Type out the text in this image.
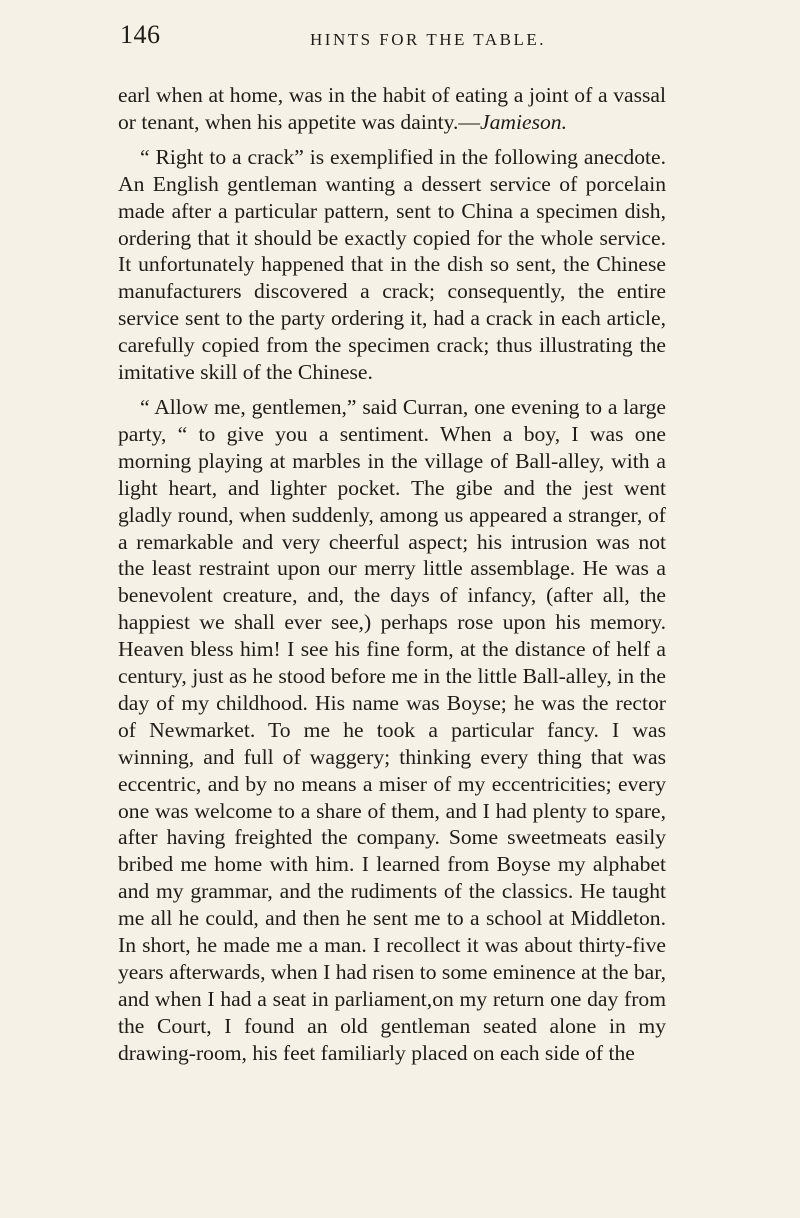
146	HINTS FOR THE TABLE.

earl when at home, was in the habit of eating a joint of a vassal or tenant, when his appetite was dainty.—Jamieson.

“ Right to a crack” is exemplified in the following anecdote. An English gentleman wanting a dessert service of porcelain made after a particular pattern, sent to China a specimen dish, ordering that it should be exactly copied for the whole service. It unfortunately happened that in the dish so sent, the Chinese manufacturers discovered a crack; consequently, the entire service sent to the party ordering it, had a crack in each article, carefully copied from the specimen crack; thus illustrating the imitative skill of the Chinese.

“ Allow me, gentlemen,” said Curran, one evening to a large party, “ to give you a sentiment. When a boy, I was one morning playing at marbles in the village of Ball-alley, with a light heart, and lighter pocket. The gibe and the jest went gladly round, when suddenly, among us appeared a stranger, of a remarkable and very cheerful aspect; his intrusion was not the least restraint upon our merry little assemblage. He was a benevolent creature, and, the days of infancy, (after all, the happiest we shall ever see,) perhaps rose upon his memory. Heaven bless him! I see his fine form, at the distance of helf a century, just as he stood before me in the little Ball-alley, in the day of my childhood. His name was Boyse; he was the rector of Newmarket. To me he took a particular fancy. I was winning, and full of waggery; thinking every thing that was eccentric, and by no means a miser of my eccentricities; every one was welcome to a share of them, and I had plenty to spare, after having freighted the company. Some sweetmeats easily bribed me home with him. I learned from Boyse my alphabet and my grammar, and the rudiments of the classics. He taught me all he could, and then he sent me to a school at Middleton. In short, he made me a man. I recollect it was about thirty-five years afterwards, when I had risen to some eminence at the bar, and when I had a seat in parliament,on my return one day from the Court, I found an old gentleman seated alone in my drawing-room, his feet familiarly placed on each side of the
